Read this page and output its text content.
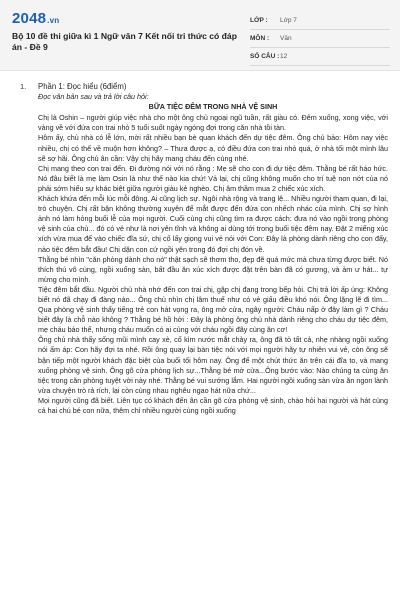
2048.vn
Bộ 10 đề thi giữa kì 1 Ngữ văn 7 Kết nối tri thức có đáp án - Đề 9
LỚP :	Lớp 7
MÔN :	Văn
SỐ CÂU : 12
1. Phần 1: Đọc hiểu (6điểm)

Đọc văn bản sau và trả lời câu hỏi:

BỮA TIỆC ĐÊM TRONG NHÀ VỆ SINH

Chị là Oshin – người giúp việc nhà cho một ông chủ ngoại ngũ tuần, rất giàu có. Đêm xuống, xong việc, với vàng về với đứa con trai nhỏ 5 tuổi suốt ngày ngóng đợi trong căn nhà tồi tàn.

Hôm ấy, chủ nhà có lễ lớn, mời rất nhiều bạn bè quan khách đến dự tiệc đêm. Ông chủ bảo: Hôm nay việc nhiều, chị có thể về muộn hơn không? – Thưa được ạ, có điều đứa con trai nhỏ quá, ở nhà tối một mình lâu sẽ sợ hãi. Ông chủ ân cần: Vậy chị hãy mang cháu đến cùng nhé.

Chị mang theo con trai đến. Đi đường nói với nó rằng : Mẹ sẽ cho con đi dự tiệc đêm. Thằng bé rất háo hức. Nó đâu biết là mẹ làm Osin là như thế nào kia chứ! Vả lại, chị cũng không muốn cho trí tuệ non nớt của nó phải sớm hiểu sự khác biệt giữa người giàu kẻ nghèo. Chị âm thầm mua 2 chiếc xúc xích.

Khách khứa đến mỗi lúc mỗi đông. Ai cũng lịch sự. Ngôi nhà rộng và trang lệ... Nhiều người tham quan, đi lại, trò chuyện. Chị rất bận không thường xuyên để mắt được đến đứa con nhếch nhác của mình. Chị sợ hình ảnh nó làm hỏng buổi lễ của mọi người. Cuối cùng chị cũng tìm ra được cách: đưa nó vào ngồi trong phòng vệ sinh của chủ... đó có vẻ như là nơi yên tĩnh và không ai dùng tới trong buổi tiệc đêm nay. Đặt 2 miếng xúc xích vừa mua để vào chiếc đĩa sứ, chị cố lấy giọng vui vẻ nói với Con: Đây là phòng dành riêng cho con đấy, nào tiệc đêm bắt đầu! Chị dặn con cứ ngồi yên trong đó đợi chị đón về.

Thằng bé nhìn "căn phòng dành cho nó" thật sạch sẽ thơm tho, đẹp đẽ quá mức mà chưa từng được biết. Nó thích thú vô cùng, ngồi xuống sàn, bất đầu ăn xúc xích được đặt trên bàn đã có gương, và ảm ư hát... tự mừng cho mình.

Tiệc đêm bắt đầu. Người chủ nhà nhớ đến con trai chị, gặp chị đang trong bếp hỏi. Chị trả lời ấp úng: Không biết nó đã chạy đi đàng nào... Ông chủ nhìn chị lâm thuế như có vẻ giấu điều khó nói. Ông lặng lẽ đi tìm... Qua phòng vệ sinh thấy tiếng trẻ con hát vọng ra, ông mở cửa, ngây người: Cháu nấp ở đây làm gì ? Cháu biết đây là chỗ nào không ? Thằng bé hồ hởi : Đây là phòng ông chủ nhà dành riêng cho cháu dự tiệc đêm, mẹ cháu bảo thế, nhưng cháu muốn có ai cùng với cháu ngồi đây cùng ăn cơ!

Ông chủ nhà thấy sống mũi mình cay xè, cố kìm nước mắt chảy ra, ông đã tỏ tất cả, nhẹ nhàng ngồi xuống nói ấm áp: Con hãy đợi ta nhé. Rồi ông quay lại bàn tiệc nói với mọi người hãy tự nhiên vui vẻ, còn ông sẽ bận tiếp một người khách đặc biệt của buổi tối hôm nay. Ông để một chút thức ăn trên cái đĩa to, và mang xuống phòng vệ sinh. Ông gõ cửa phòng lịch sự...Thằng bé mở cửa...Ông bước vào: Nào chúng ta cùng ăn tiệc trong căn phòng tuyệt vời này nhé. Thằng bé vui sướng lắm. Hai người ngồi xuống sàn vừa ăn ngon lành vừa chuyện trò rả rích, lại còn cùng nhau nghêu ngao hát nữa chứ...

Mọi người cũng đã biết. Liên tục có khách đến ân cần gõ cửa phòng vệ sinh, chào hỏi hai người và hát cùng cả hai chú bé con nữa, thêm chỉ nhiều người cùng ngồi xuống
